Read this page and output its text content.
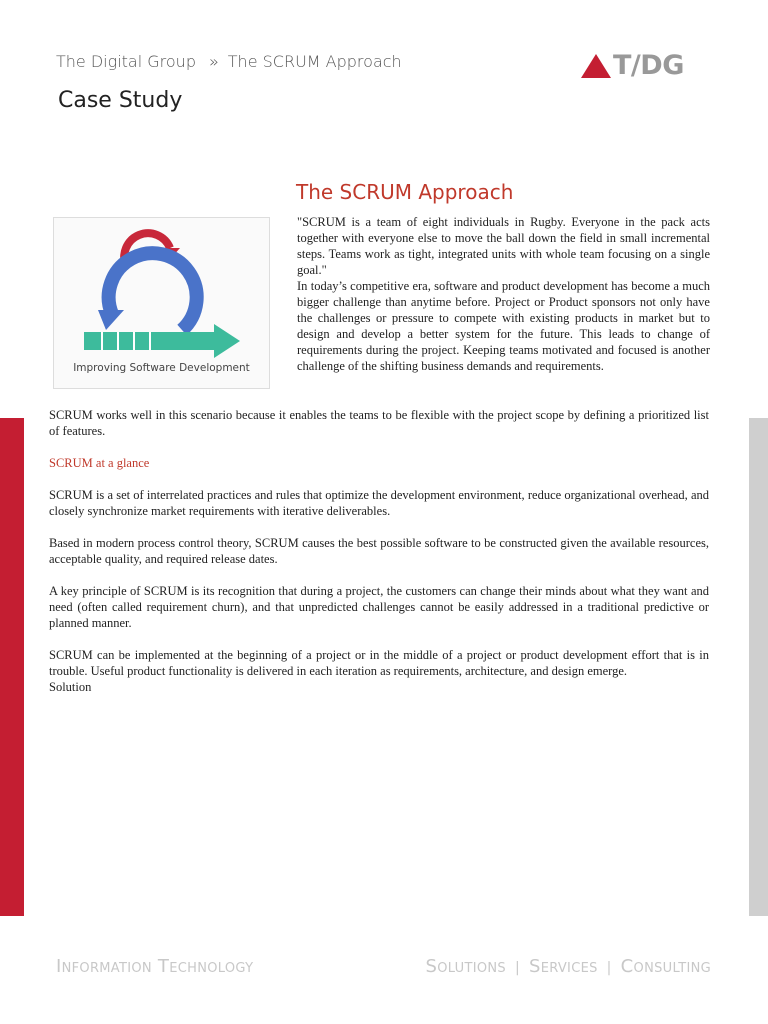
The Digital Group » The SCRUM Approach
Case Study
T/DG
The SCRUM Approach
Improving Software Development

"SCRUM is a team of eight individuals in Rugby. Everyone in the pack acts together with everyone else to move the ball down the field in small incremental steps. Teams work as tight, integrated units with whole team focusing on a single goal."

In today’s competitive era, software and product development has become a much bigger challenge than anytime before. Project or Product sponsors not only have the challenges or pressure to compete with existing products in market but to design and develop a better system for the future. This leads to change of requirements during the project. Keeping teams motivated and focused is another challenge of the shifting business demands and requirements.

SCRUM works well in this scenario because it enables the teams to be flexible with the project scope by defining a prioritized list of features.

SCRUM at a glance

SCRUM is a set of interrelated practices and rules that optimize the development environment, reduce organizational overhead, and closely synchronize market requirements with iterative deliverables.

Based in modern process control theory, SCRUM causes the best possible software to be constructed given the available resources, acceptable quality, and required release dates.

A key principle of SCRUM is its recognition that during a project, the customers can change their minds about what they want and need (often called requirement churn), and that unpredicted challenges cannot be easily addressed in a traditional predictive or planned manner.

SCRUM can be implemented at the beginning of a project or in the middle of a project or product development effort that is in trouble. Useful product functionality is delivered in each iteration as requirements, architecture, and design emerge.

Solution

Information Technology	Solutions | Services | Consulting
